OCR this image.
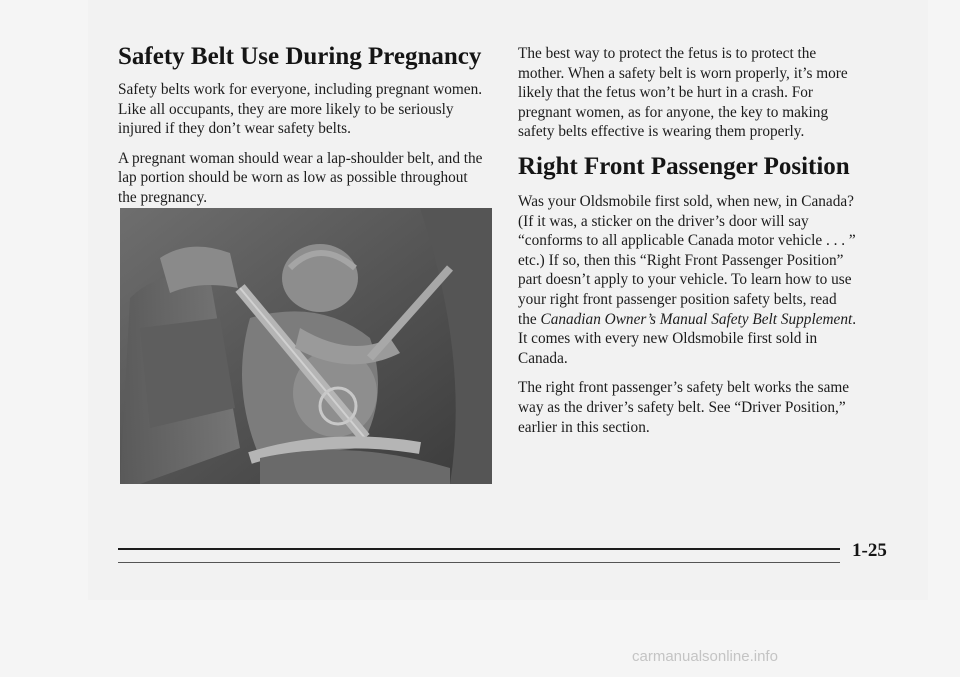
Safety Belt Use During Pregnancy

Safety belts work for everyone, including pregnant women. Like all occupants, they are more likely to be seriously injured if they don’t wear safety belts.

A pregnant woman should wear a lap-shoulder belt, and the lap portion should be worn as low as possible throughout the pregnancy.

The best way to protect the fetus is to protect the mother. When a safety belt is worn properly, it’s more likely that the fetus won’t be hurt in a crash. For pregnant women, as for anyone, the key to making safety belts effective is wearing them properly.

Right Front Passenger Position

Was your Oldsmobile first sold, when new, in Canada? (If it was, a sticker on the driver’s door will say “conforms to all applicable Canada motor vehicle . . . ” etc.) If so, then this “Right Front Passenger Position” part doesn’t apply to your vehicle. To learn how to use your right front passenger position safety belts, read the Canadian Owner’s Manual Safety Belt Supplement. It comes with every new Oldsmobile first sold in Canada.

The right front passenger’s safety belt works the same way as the driver’s safety belt. See “Driver Position,” earlier in this section.

1-25
carmanualsonline.info
